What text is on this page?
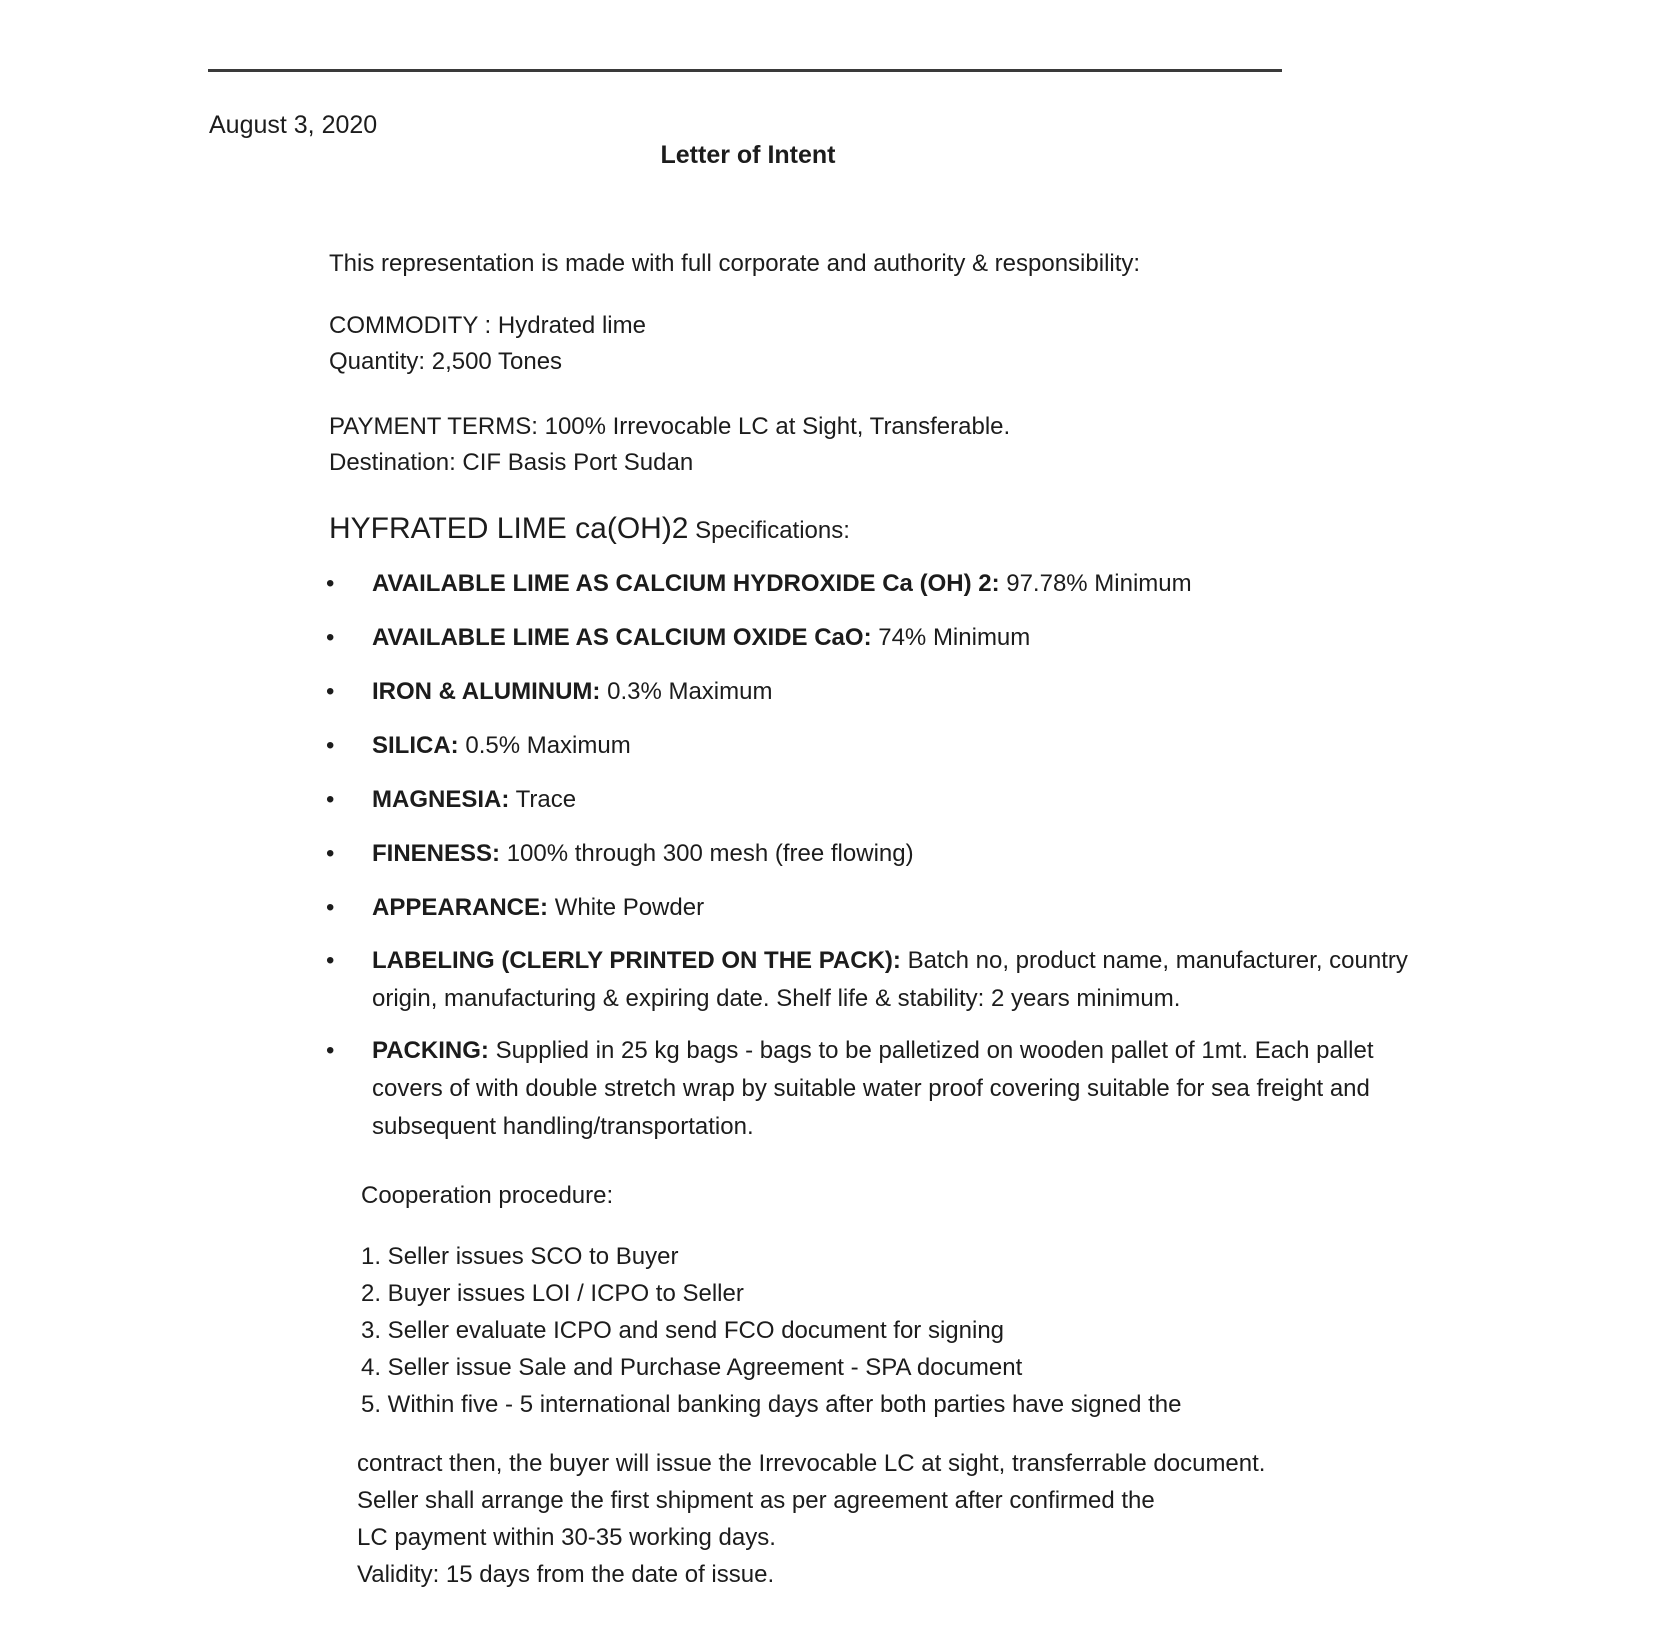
August 3, 2020
Letter of Intent

This representation is made with full corporate and authority & responsibility:

COMMODITY : Hydrated lime

Quantity: 2,500 Tones

PAYMENT TERMS: 100% Irrevocable LC at Sight, Transferable.

Destination: CIF Basis Port Sudan

HYFRATED LIME ca(OH)2 Specifications:
• AVAILABLE LIME AS CALCIUM HYDROXIDE Ca (OH) 2: 97.78% Minimum
• AVAILABLE LIME AS CALCIUM OXIDE CaO: 74% Minimum
• IRON & ALUMINUM: 0.3% Maximum
• SILICA: 0.5% Maximum
• MAGNESIA: Trace
• FINENESS: 100% through 300 mesh (free flowing)
• APPEARANCE: White Powder
• LABELING (CLERLY PRINTED ON THE PACK): Batch no, product name, manufacturer, country origin, manufacturing & expiring date. Shelf life & stability: 2 years minimum.
• PACKING: Supplied in 25 kg bags - bags to be palletized on wooden pallet of 1mt. Each pallet covers of with double stretch wrap by suitable water proof covering suitable for sea freight and subsequent handling/transportation.

Cooperation procedure:

1. Seller issues SCO to Buyer

2. Buyer issues LOI / ICPO to Seller

3. Seller evaluate ICPO and send FCO document for signing

4. Seller issue Sale and Purchase Agreement - SPA document

5. Within five - 5 international banking days after both parties have signed the

contract then, the buyer will issue the Irrevocable LC at sight, transferrable document.

Seller shall arrange the first shipment as per agreement after confirmed the

LC payment within 30-35 working days.

Validity: 15 days from the date of issue.
